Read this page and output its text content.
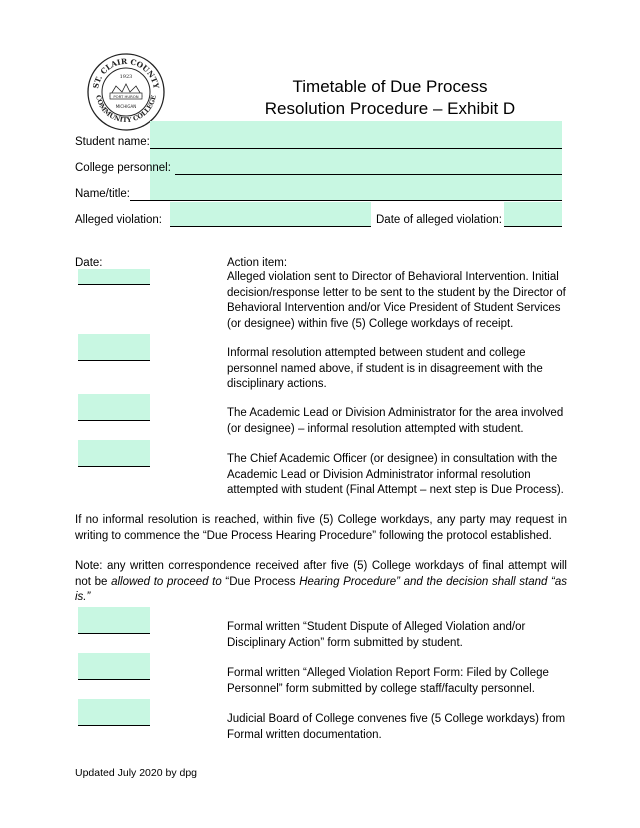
ST. CLAIR COUNTY
COMMUNITY COLLEGE
1923
PORT HURON
MICHIGAN
Timetable of Due Process
Resolution Procedure – Exhibit D
Student name:
College personnel:
Name/title:
Alleged violation:	Date of alleged violation:
Date:	Action item:
Alleged violation sent to Director of Behavioral Intervention. Initial decision/response letter to be sent to the student by the Director of Behavioral Intervention and/or Vice President of Student Services (or designee) within five (5) College workdays of receipt.
Informal resolution attempted between student and college personnel named above, if student is in disagreement with the disciplinary actions.
The Academic Lead or Division Administrator for the area involved (or designee) – informal resolution attempted with student.
The Chief Academic Officer (or designee) in consultation with the Academic Lead or Division Administrator informal resolution attempted with student (Final Attempt – next step is Due Process).
If no informal resolution is reached, within five (5) College workdays, any party may request in writing to commence the “Due Process Hearing Procedure” following the protocol established.
Note: any written correspondence received after five (5) College workdays of final attempt will not be allowed to proceed to “Due Process Hearing Procedure” and the decision shall stand “as is.”
Formal written “Student Dispute of Alleged Violation and/or Disciplinary Action” form submitted by student.
Formal written “Alleged Violation Report Form: Filed by College Personnel” form submitted by college staff/faculty personnel.
Judicial Board of College convenes five (5 College workdays) from Formal written documentation.
Updated July 2020 by dpg
